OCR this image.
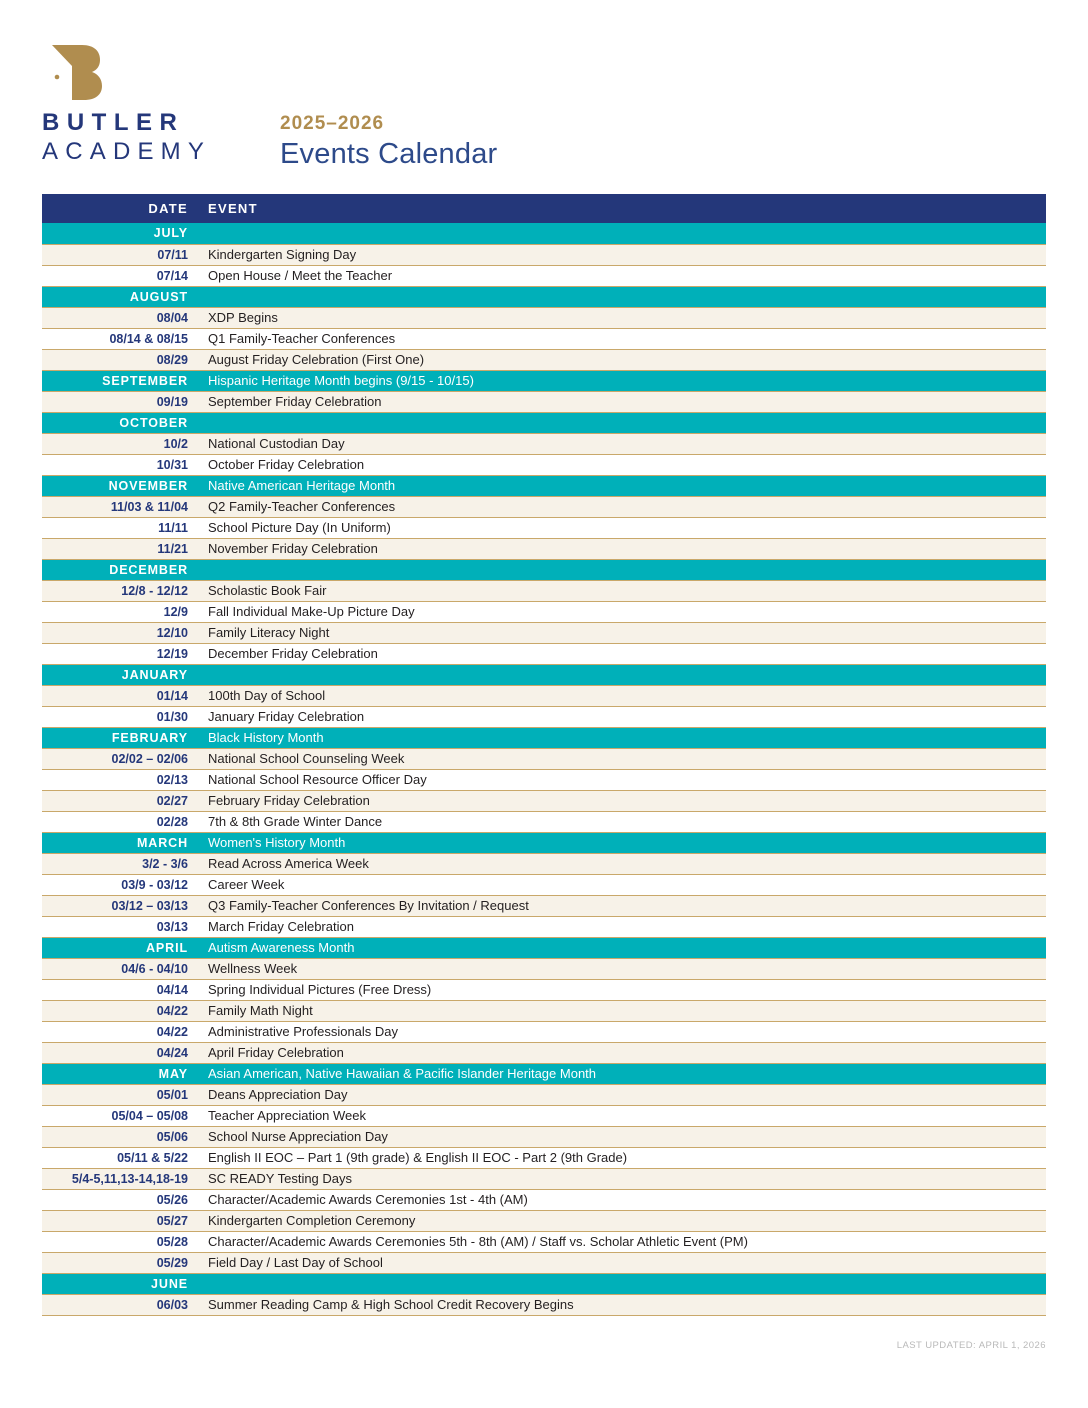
BUTLER
ACADEMY
2025–2026
Events Calendar
DATE	EVENT
JULY	
07/11	Kindergarten Signing Day
07/14	Open House / Meet the Teacher
AUGUST	
08/04	XDP Begins
08/14 & 08/15	Q1 Family-Teacher Conferences
08/29	August Friday Celebration (First One)
SEPTEMBER	Hispanic Heritage Month begins (9/15 - 10/15)
09/19	September Friday Celebration
OCTOBER	
10/2	National Custodian Day
10/31	October Friday Celebration
NOVEMBER	Native American Heritage Month
11/03 & 11/04	Q2 Family-Teacher Conferences
11/11	School Picture Day (In Uniform)
11/21	November Friday Celebration
DECEMBER	
12/8 - 12/12	Scholastic Book Fair
12/9	Fall Individual Make-Up Picture Day
12/10	Family Literacy Night
12/19	December Friday Celebration
JANUARY	
01/14	100th Day of School
01/30	January Friday Celebration
FEBRUARY	Black History Month
02/02 – 02/06	National School Counseling Week
02/13	National School Resource Officer Day
02/27	February Friday Celebration
02/28	7th & 8th Grade Winter Dance
MARCH	Women's History Month
3/2 - 3/6	Read Across America Week
03/9 - 03/12	Career Week
03/12 – 03/13	Q3 Family-Teacher Conferences By Invitation / Request
03/13	March Friday Celebration
APRIL	Autism Awareness Month
04/6 - 04/10	Wellness Week
04/14	Spring Individual Pictures (Free Dress)
04/22	Family Math Night
04/22	Administrative Professionals Day
04/24	April Friday Celebration
MAY	Asian American, Native Hawaiian & Pacific Islander Heritage Month
05/01	Deans Appreciation Day
05/04 – 05/08	Teacher Appreciation Week
05/06	School Nurse Appreciation Day
05/11 & 5/22	English II EOC – Part 1 (9th grade) & English II EOC - Part 2 (9th Grade)
5/4-5,11,13-14,18-19	SC READY Testing Days
05/26	Character/Academic Awards Ceremonies 1st - 4th (AM)
05/27	Kindergarten Completion Ceremony
05/28	Character/Academic Awards Ceremonies 5th - 8th (AM) / Staff vs. Scholar Athletic Event (PM)
05/29	Field Day / Last Day of School
JUNE	
06/03	Summer Reading Camp & High School Credit Recovery Begins
LAST UPDATED: APRIL 1, 2026
